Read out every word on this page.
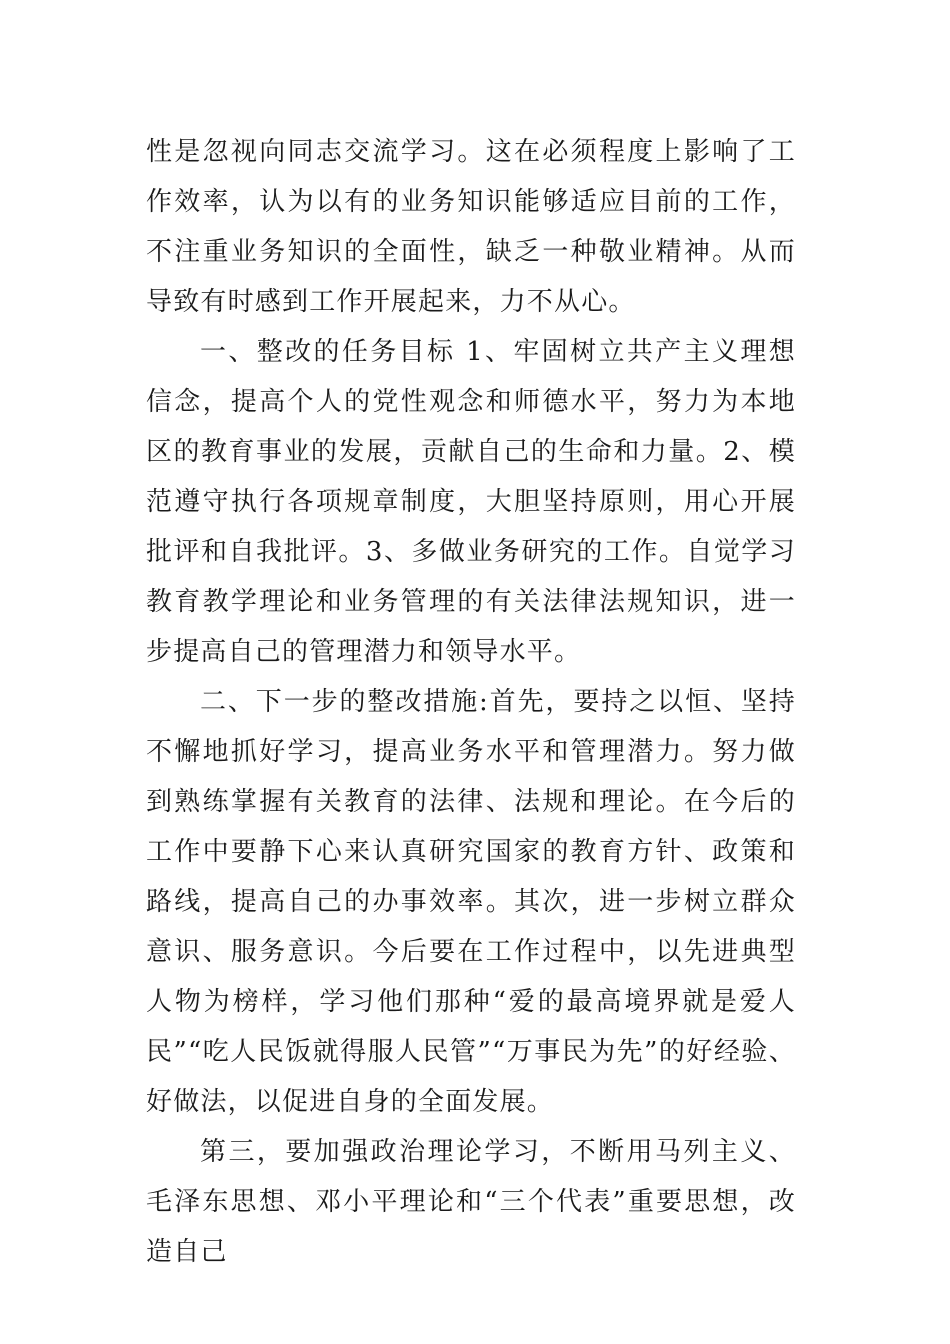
性是忽视向同志交流学习。这在必须程度上影响了工作效率，认为以有的业务知识能够适应目前的工作，不注重业务知识的全面性，缺乏一种敬业精神。从而导致有时感到工作开展起来，力不从心。

一、整改的任务目标 1、牢固树立共产主义理想信念，提高个人的党性观念和师德水平，努力为本地区的教育事业的发展，贡献自己的生命和力量。2、模范遵守执行各项规章制度，大胆坚持原则，用心开展批评和自我批评。3、多做业务研究的工作。自觉学习教育教学理论和业务管理的有关法律法规知识，进一步提高自己的管理潜力和领导水平。

二、下一步的整改措施:首先，要持之以恒、坚持不懈地抓好学习，提高业务水平和管理潜力。努力做到熟练掌握有关教育的法律、法规和理论。在今后的工作中要静下心来认真研究国家的教育方针、政策和路线，提高自己的办事效率。其次，进一步树立群众意识、服务意识。今后要在工作过程中，以先进典型人物为榜样，学习他们那种“爱的最高境界就是爱人民”“吃人民饭就得服人民管”“万事民为先”的好经验、好做法，以促进自身的全面发展。

第三，要加强政治理论学习，不断用马列主义、毛泽东思想、邓小平理论和“三个代表”重要思想，改造自己
